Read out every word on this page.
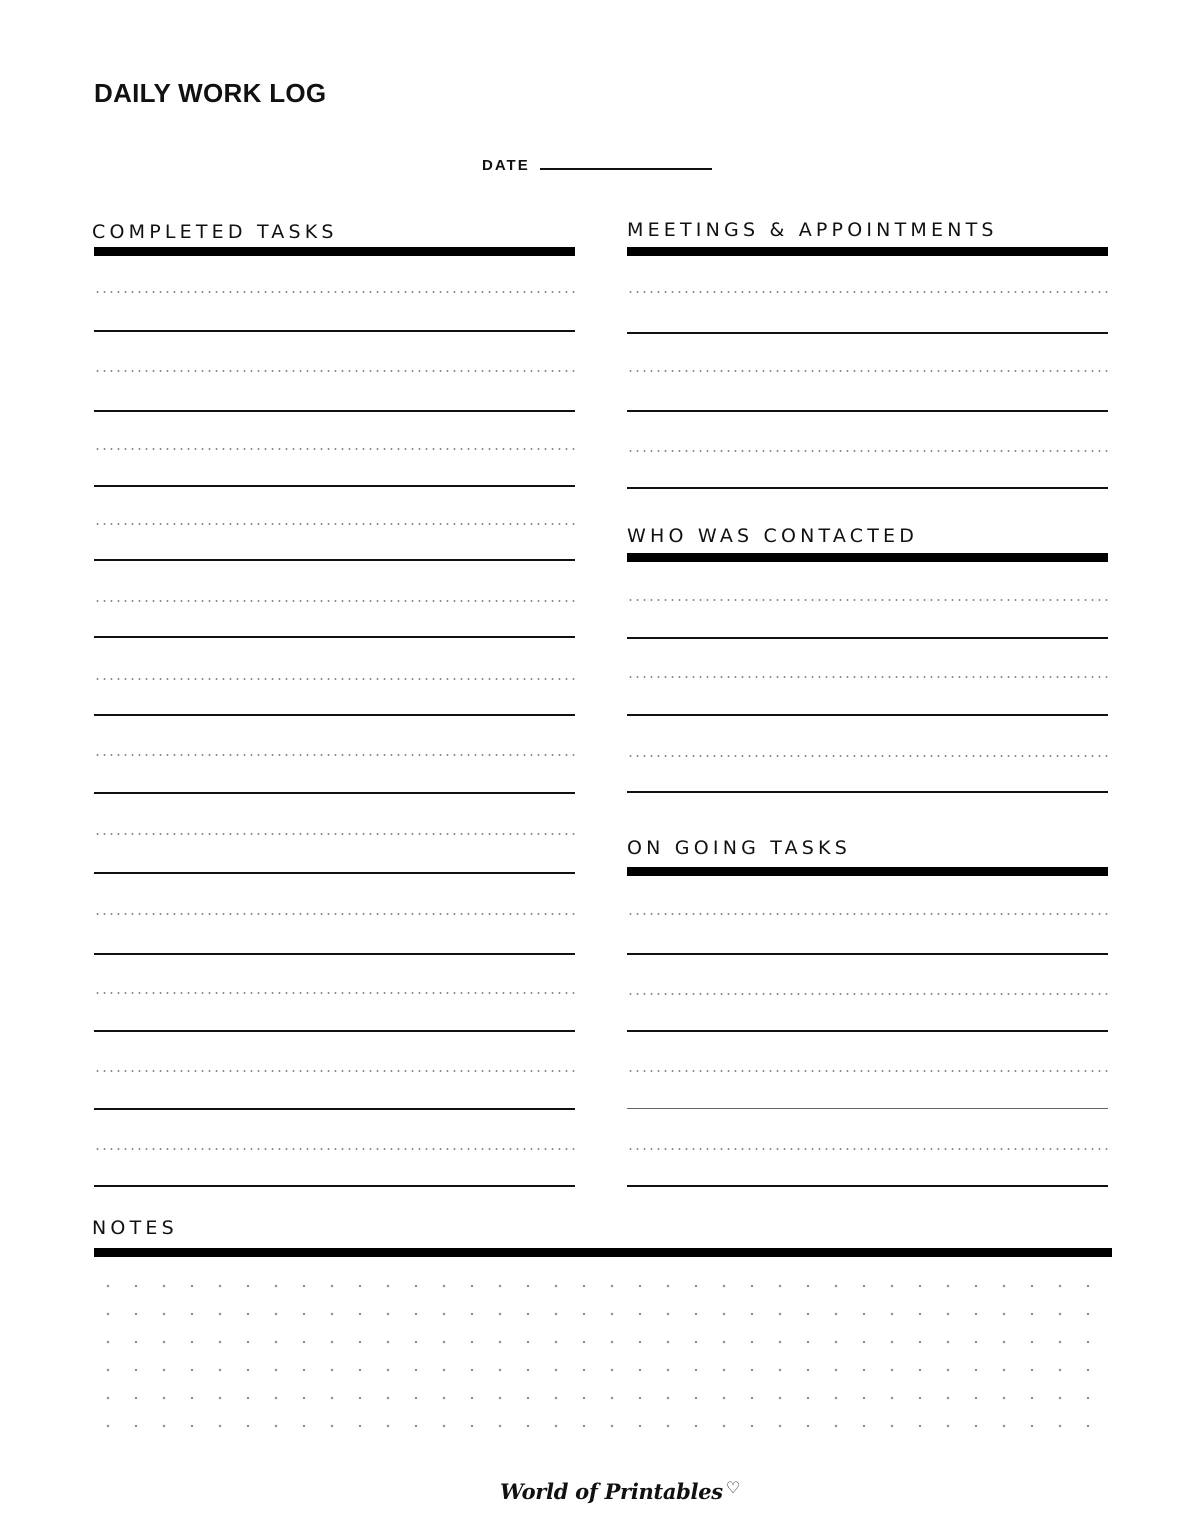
DAILY WORK LOG
DATE
COMPLETED TASKS	MEETINGS & APPOINTMENTS
WHO WAS CONTACTED
ON GOING TASKS
NOTES
World of Printables ♡
